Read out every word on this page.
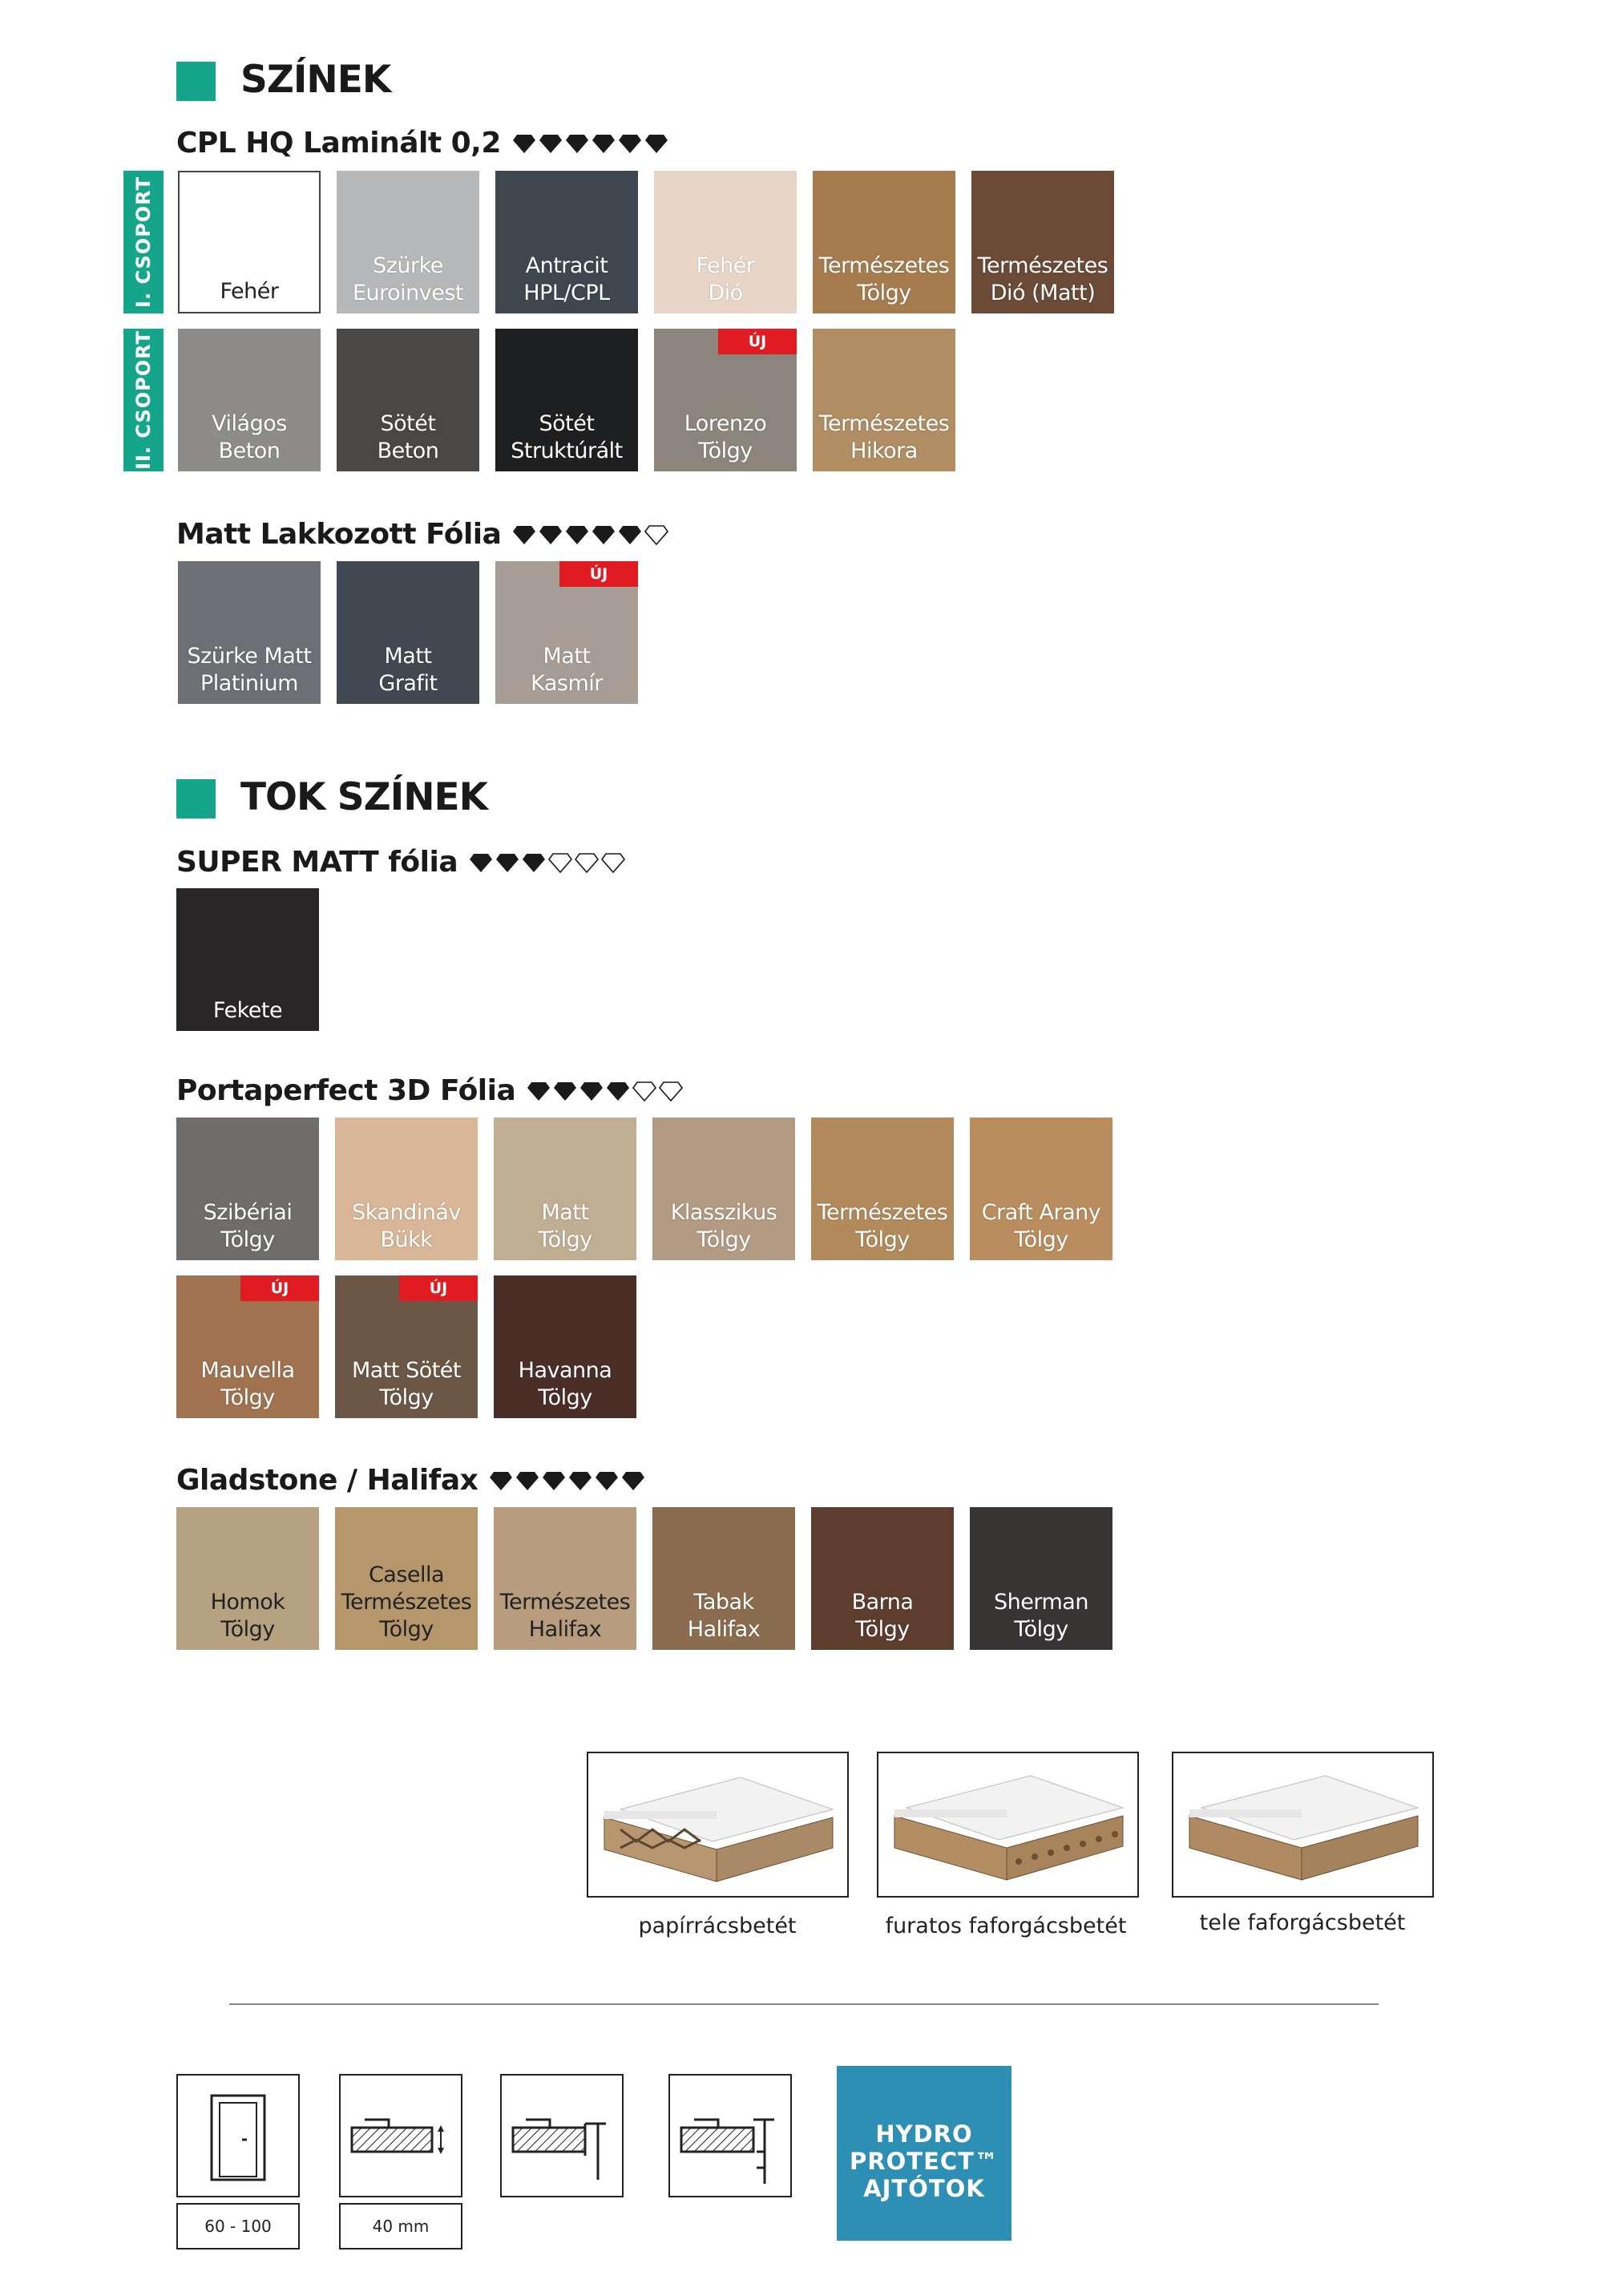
SZÍNEK
CPL HQ Laminált 0,2
I. CSOPORT
II. CSOPORT
Fehér
Szürke
Euroinvest
Antracit
HPL/CPL
Fehér
Dió
Természetes
Tölgy
Természetes
Dió (Matt)
Világos
Beton
Sötét
Beton
Sötét
Struktúrált
Lorenzo
Tölgy
ÚJ
Természetes
Hikora
Matt Lakkozott Fólia
Szürke Matt
Platinium
Matt
Grafit
Matt
Kasmír
ÚJ
TOK SZÍNEK
SUPER MATT fólia
Fekete
Portaperfect 3D Fólia
Szibériai
Tölgy
Skandináv
Bükk
Matt
Tölgy
Klasszikus
Tölgy
Természetes
Tölgy
Craft Arany
Tölgy
Mauvella
Tölgy
ÚJ
Matt Sötét
Tölgy
ÚJ
Havanna
Tölgy
Gladstone / Halifax
Homok
Tölgy
Casella
Természetes
Tölgy
Természetes
Halifax
Tabak
Halifax
Barna
Tölgy
Sherman
Tölgy
papírrácsbetét	furatos faforgácsbetét	tele faforgácsbetét
60 - 100	40 mm
HYDRO
PROTECT™
AJTÓTOK
